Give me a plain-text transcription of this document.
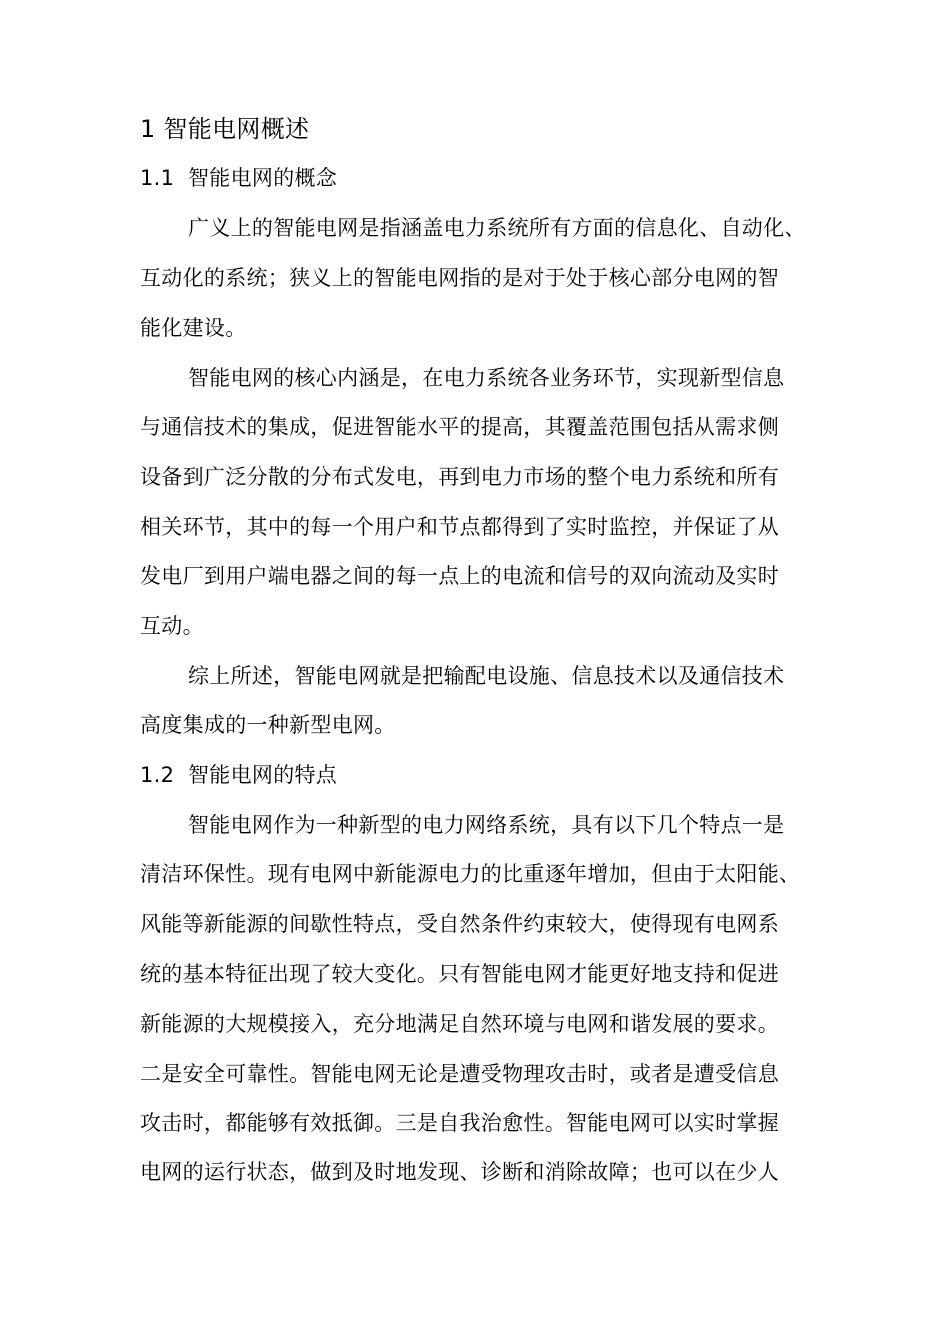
1 智能电网概述
1.1 智能电网的概念
广义上的智能电网是指涵盖电力系统所有方面的信息化、自动化、
互动化的系统；狭义上的智能电网指的是对于处于核心部分电网的智
能化建设。
智能电网的核心内涵是，在电力系统各业务环节，实现新型信息
与通信技术的集成，促进智能水平的提高，其覆盖范围包括从需求侧
设备到广泛分散的分布式发电，再到电力市场的整个电力系统和所有
相关环节，其中的每一个用户和节点都得到了实时监控，并保证了从
发电厂到用户端电器之间的每一点上的电流和信号的双向流动及实时
互动。
综上所述，智能电网就是把输配电设施、信息技术以及通信技术
高度集成的一种新型电网。
1.2 智能电网的特点
智能电网作为一种新型的电力网络系统，具有以下几个特点一是
清洁环保性。现有电网中新能源电力的比重逐年增加，但由于太阳能、
风能等新能源的间歇性特点，受自然条件约束较大，使得现有电网系
统的基本特征出现了较大变化。只有智能电网才能更好地支持和促进
新能源的大规模接入，充分地满足自然环境与电网和谐发展的要求。
二是安全可靠性。智能电网无论是遭受物理攻击时，或者是遭受信息
攻击时，都能够有效抵御。三是自我治愈性。智能电网可以实时掌握
电网的运行状态，做到及时地发现、诊断和消除故障；也可以在少人
